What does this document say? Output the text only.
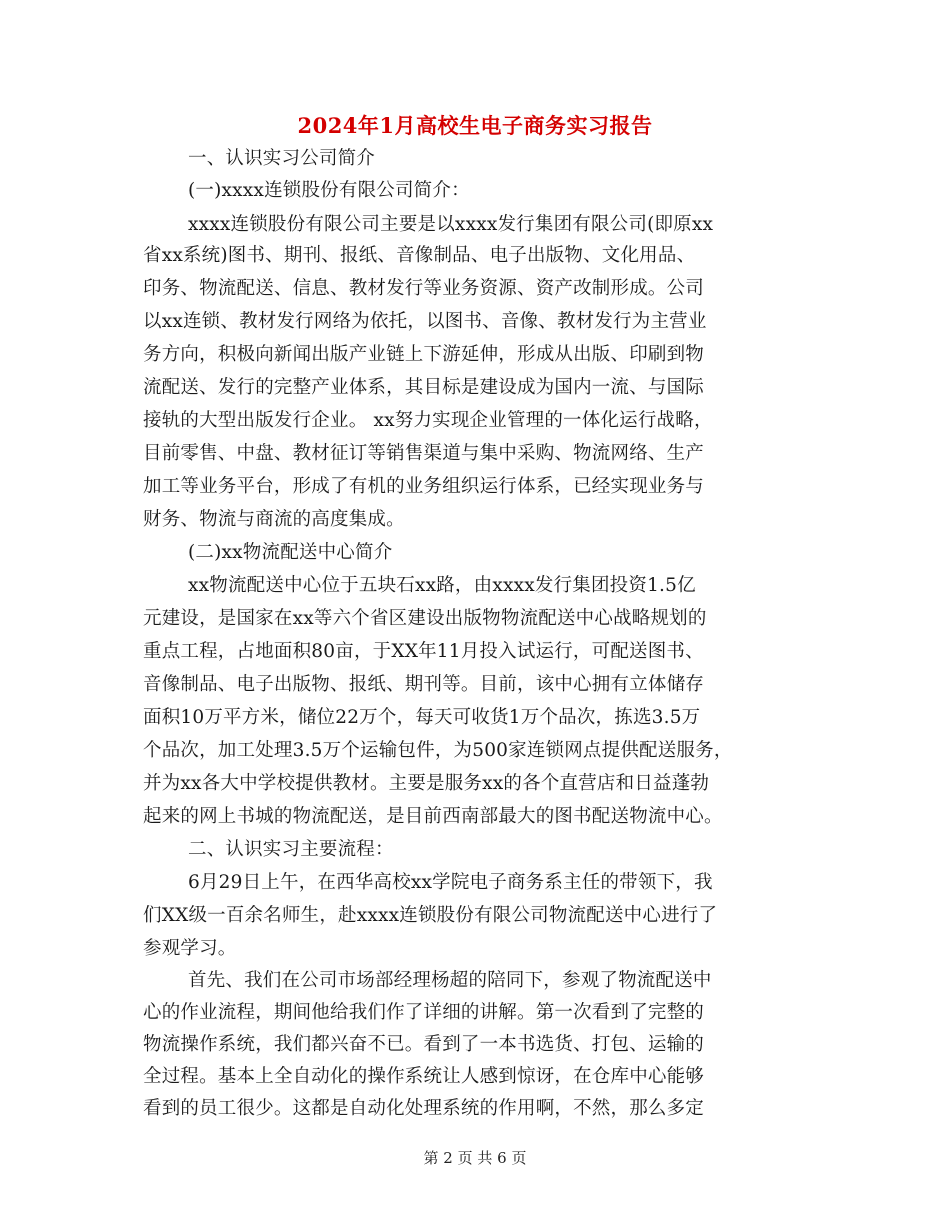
2024年1月高校生电子商务实习报告
一、认识实习公司简介
(一)xxxx连锁股份有限公司简介：
xxxx连锁股份有限公司主要是以xxxx发行集团有限公司(即原xx
省xx系统)图书、期刊、报纸、音像制品、电子出版物、文化用品、
印务、物流配送、信息、教材发行等业务资源、资产改制形成。公司
以xx连锁、教材发行网络为依托，以图书、音像、教材发行为主营业
务方向，积极向新闻出版产业链上下游延伸，形成从出版、印刷到物
流配送、发行的完整产业体系，其目标是建设成为国内一流、与国际
接轨的大型出版发行企业。 xx努力实现企业管理的一体化运行战略，
目前零售、中盘、教材征订等销售渠道与集中采购、物流网络、生产
加工等业务平台，形成了有机的业务组织运行体系，已经实现业务与
财务、物流与商流的高度集成。
(二)xx物流配送中心简介
xx物流配送中心位于五块石xx路，由xxxx发行集团投资1.5亿
元建设，是国家在xx等六个省区建设出版物物流配送中心战略规划的
重点工程，占地面积80亩，于XX年11月投入试运行，可配送图书、
音像制品、电子出版物、报纸、期刊等。目前，该中心拥有立体储存
面积10万平方米，储位22万个，每天可收货1万个品次，拣选3.5万
个品次，加工处理3.5万个运输包件，为500家连锁网点提供配送服务，
并为xx各大中学校提供教材。主要是服务xx的各个直营店和日益蓬勃
起来的网上书城的物流配送，是目前西南部最大的图书配送物流中心。
二、认识实习主要流程：
6月29日上午，在西华高校xx学院电子商务系主任的带领下，我
们XX级一百余名师生，赴xxxx连锁股份有限公司物流配送中心进行了
参观学习。
首先、我们在公司市场部经理杨超的陪同下，参观了物流配送中
心的作业流程，期间他给我们作了详细的讲解。第一次看到了完整的
物流操作系统，我们都兴奋不已。看到了一本书选货、打包、运输的
全过程。基本上全自动化的操作系统让人感到惊讶，在仓库中心能够
看到的员工很少。这都是自动化处理系统的作用啊，不然，那么多定
第 2 页 共 6 页
